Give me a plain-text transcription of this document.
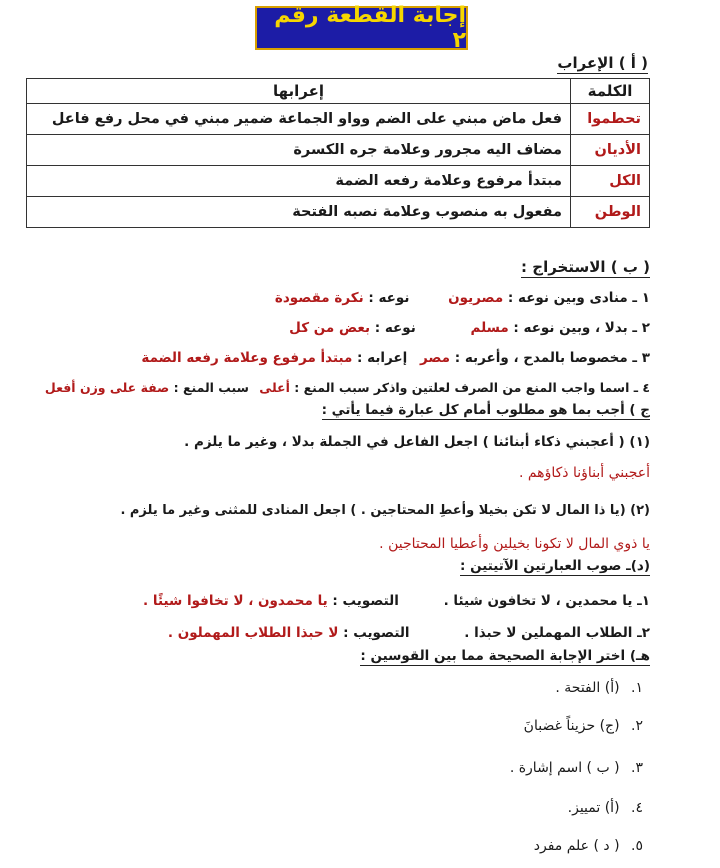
إجابة القطعة رقم ٢
( أ ) الإعراب
الكلمة	إعرابها
تحطموا	فعل ماض مبني على الضم وواو الجماعة ضمير مبني في محل رفع فاعل
الأديان	مضاف اليه مجرور وعلامة جره الكسرة
الكل	مبتدأ مرفوع وعلامة رفعه الضمة
الوطن	مفعول به منصوب وعلامة نصبه الفتحة
( ب ) الاستخراج :
١ ـ منادى وبين نوعه : مصريون نوعه : نكرة مقصودة
٢ ـ بدلا ، وبين نوعه : مسلم نوعه : بعض من كل
٣ ـ مخصوصا بالمدح ، وأعربه : مصر إعرابه : مبتدأ مرفوع وعلامة رفعه الضمة
٤ ـ اسما واجب المنع من الصرف لعلتين واذكر سبب المنع : أعلى سبب المنع : صفة على وزن أفعل
ج ) أجب بما هو مطلوب أمام كل عبارة فيما يأتي :
(١) ( أعجبني ذكاء أبنائنا ) اجعل الفاعل في الجملة بدلا ، وغير ما يلزم .
أعجبني أبناؤنا ذكاؤهم .
(٢) (يا ذا المال لا تكن بخيلا وأعطِ المحتاجين . ) اجعل المنادى للمثنى وغير ما يلزم .
يا ذوي المال لا تكونا بخيلين وأعطيا المحتاجين .
(د)ـ صوب العبارتين الآتيتين :
١ـ يا محمدين ، لا تخافون شيئا . التصويب : يا محمدون ، لا تخافوا شيئًا .
٢ـ الطلاب المهملين لا حبذا . التصويب : لا حبذا الطلاب المهملون .
هـ) اختر الإجابة الصحيحة مما بين القوسين :
١. (أ) الفتحة .
٢. (ج) حزيناً غضبانَ
٣. ( ب ) اسم إشارة .
٤. (أ) تمييز.
٥. ( د ) علم مفرد
